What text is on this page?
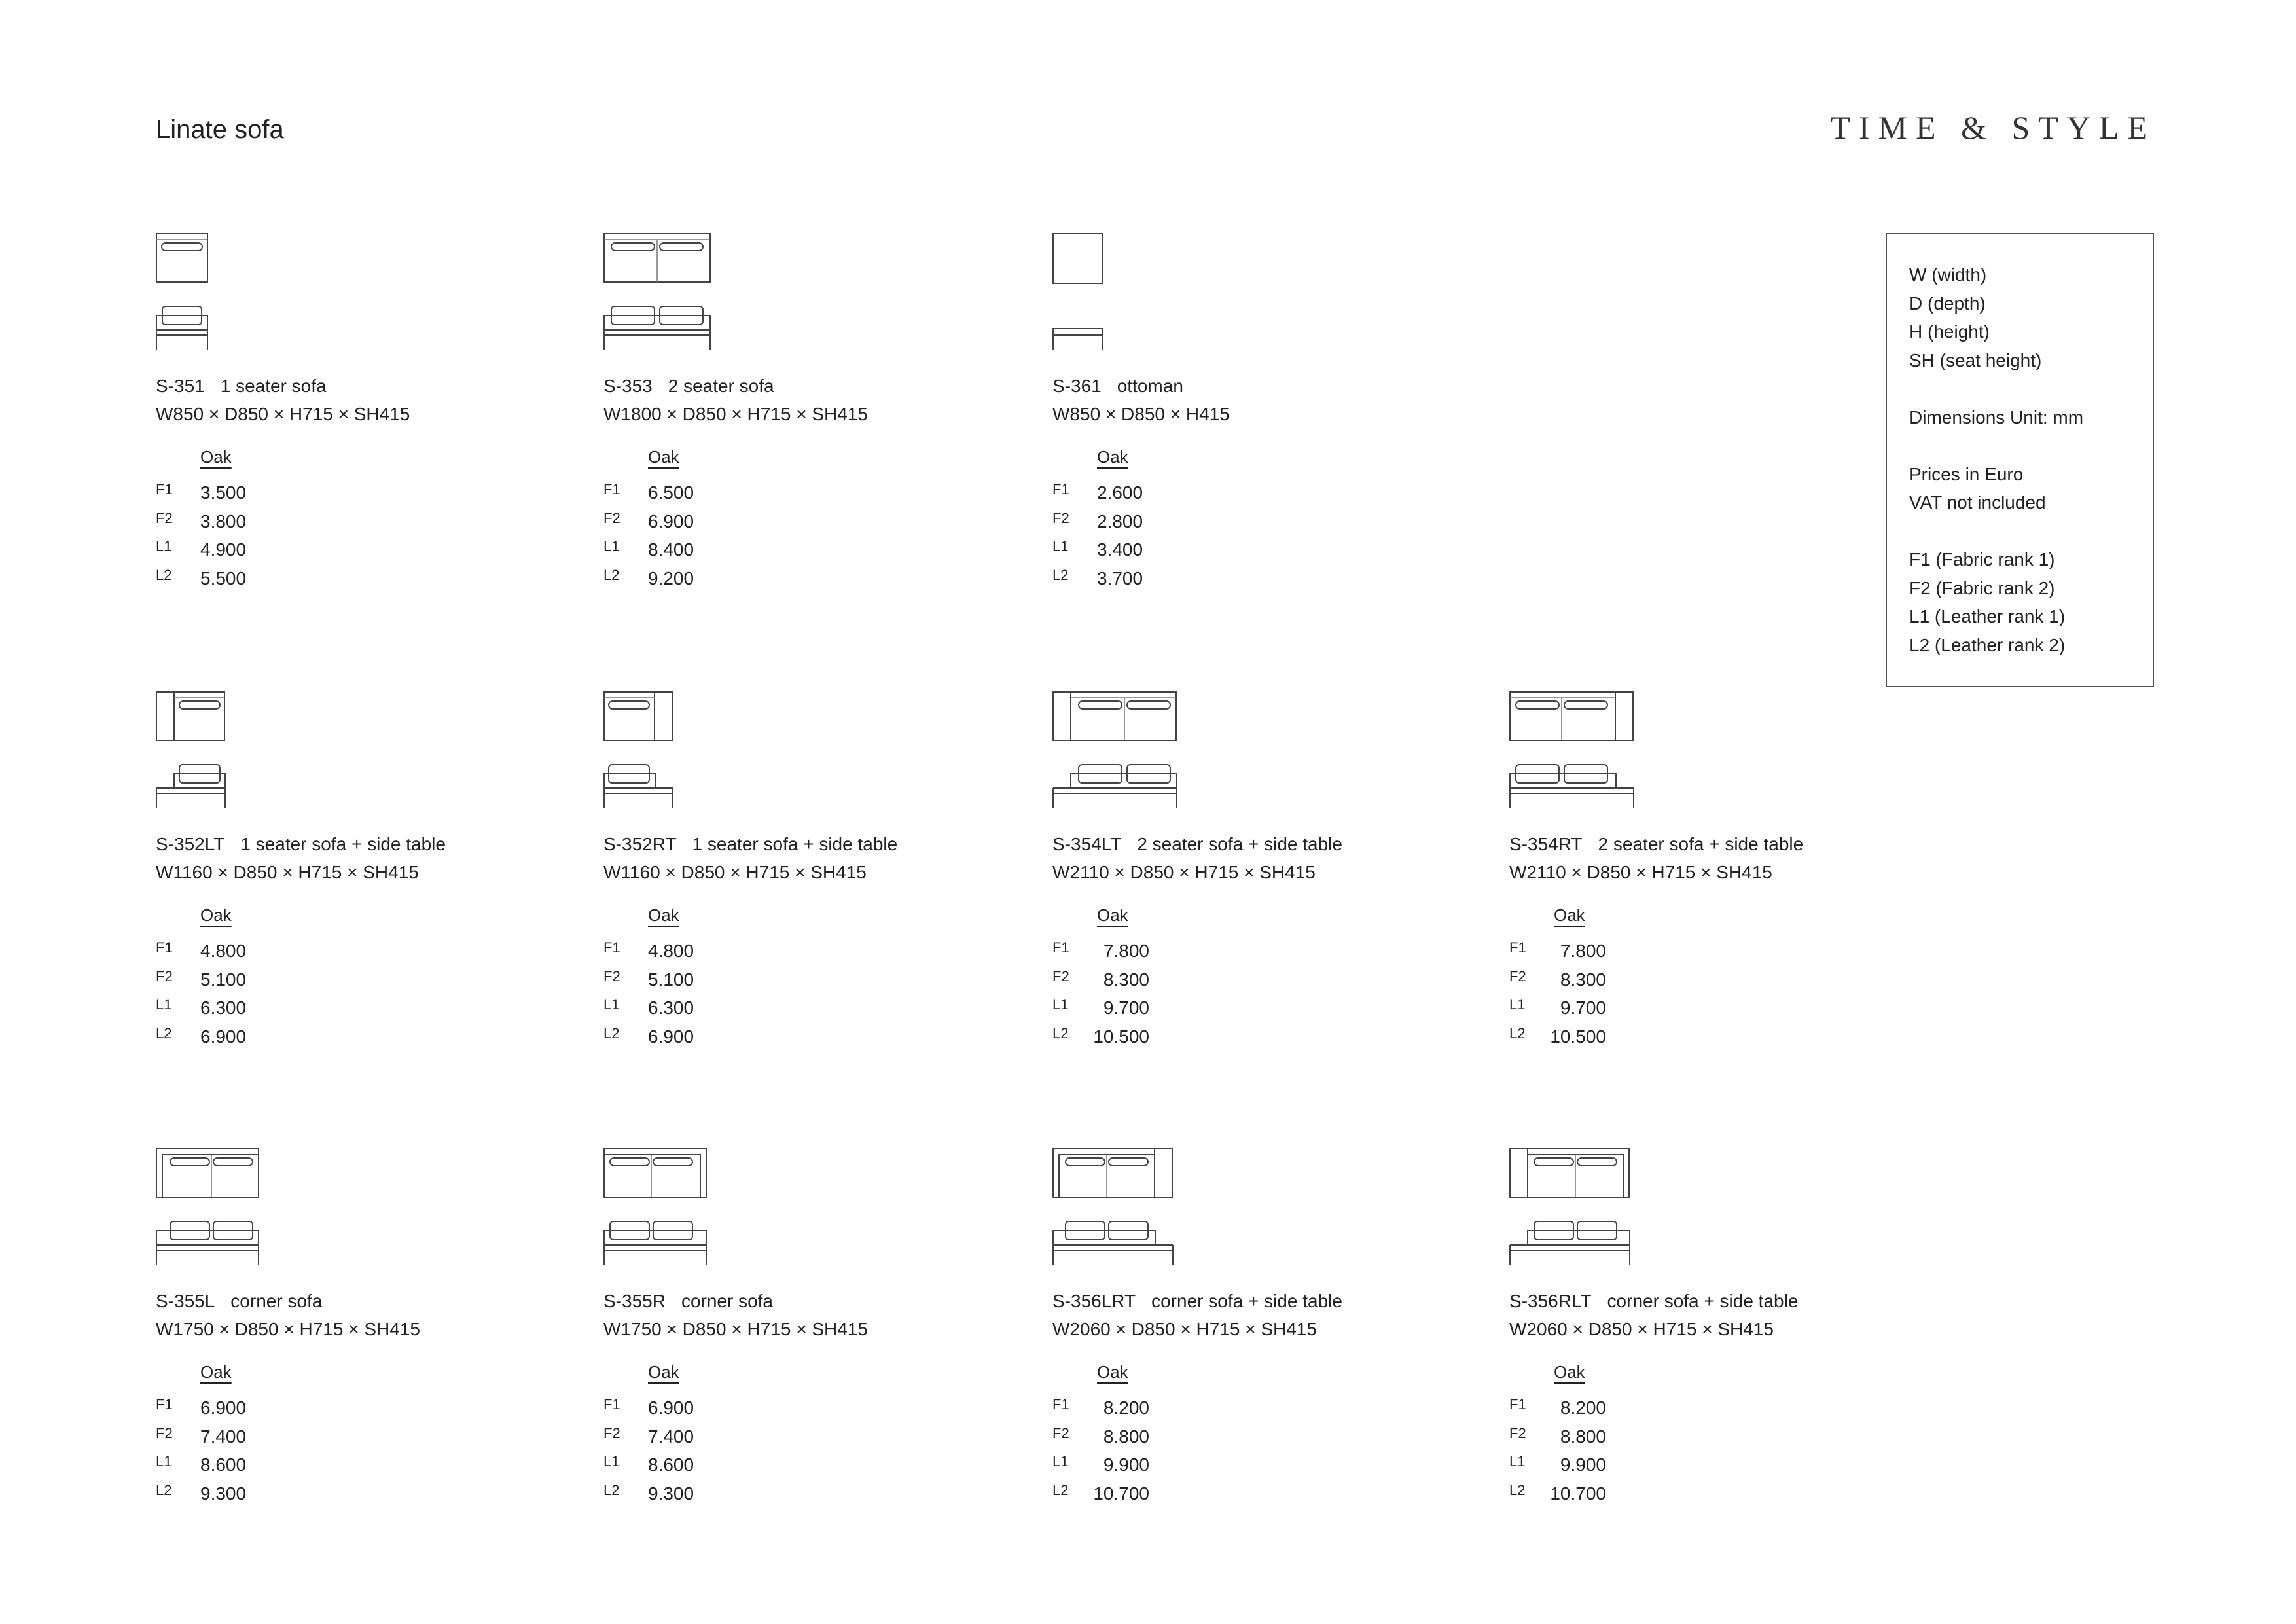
Linate sofa	TIME & STYLE
W (width)
D (depth)
H (height)
SH (seat height)
Dimensions Unit: mm
Prices in Euro
VAT not included
F1 (Fabric rank 1)
F2 (Fabric rank 2)
L1 (Leather rank 1)
L2 (Leather rank 2)
S-351 1 seater sofa
W850 × D850 × H715 × SH415
Oak
F1 3.500
F2 3.800
L1 4.900
L2 5.500
S-353 2 seater sofa
W1800 × D850 × H715 × SH415
Oak
F1 6.500
F2 6.900
L1 8.400
L2 9.200
S-361 ottoman
W850 × D850 × H415
Oak
F1 2.600
F2 2.800
L1 3.400
L2 3.700
S-352LT 1 seater sofa + side table
W1160 × D850 × H715 × SH415
Oak
F1 4.800
F2 5.100
L1 6.300
L2 6.900
S-352RT 1 seater sofa + side table
W1160 × D850 × H715 × SH415
Oak
F1 4.800
F2 5.100
L1 6.300
L2 6.900
S-354LT 2 seater sofa + side table
W2110 × D850 × H715 × SH415
Oak
F1	7.800
F2	8.300
L1	9.700
L2	10.500
S-354RT 2 seater sofa + side table
W2110 × D850 × H715 × SH415
Oak
F1	7.800
F2	8.300
L1	9.700
L2	10.500
S-355L corner sofa
W1750 × D850 × H715 × SH415
Oak
F1 6.900
F2 7.400
L1 8.600
L2 9.300
S-355R corner sofa
W1750 × D850 × H715 × SH415
Oak
F1 6.900
F2 7.400
L1 8.600
L2 9.300
S-356LRT corner sofa + side table
W2060 × D850 × H715 × SH415
Oak
F1	8.200
F2	8.800
L1	9.900
L2	10.700
S-356RLT corner sofa + side table
W2060 × D850 × H715 × SH415
Oak
F1	8.200
F2	8.800
L1	9.900
L2	10.700
